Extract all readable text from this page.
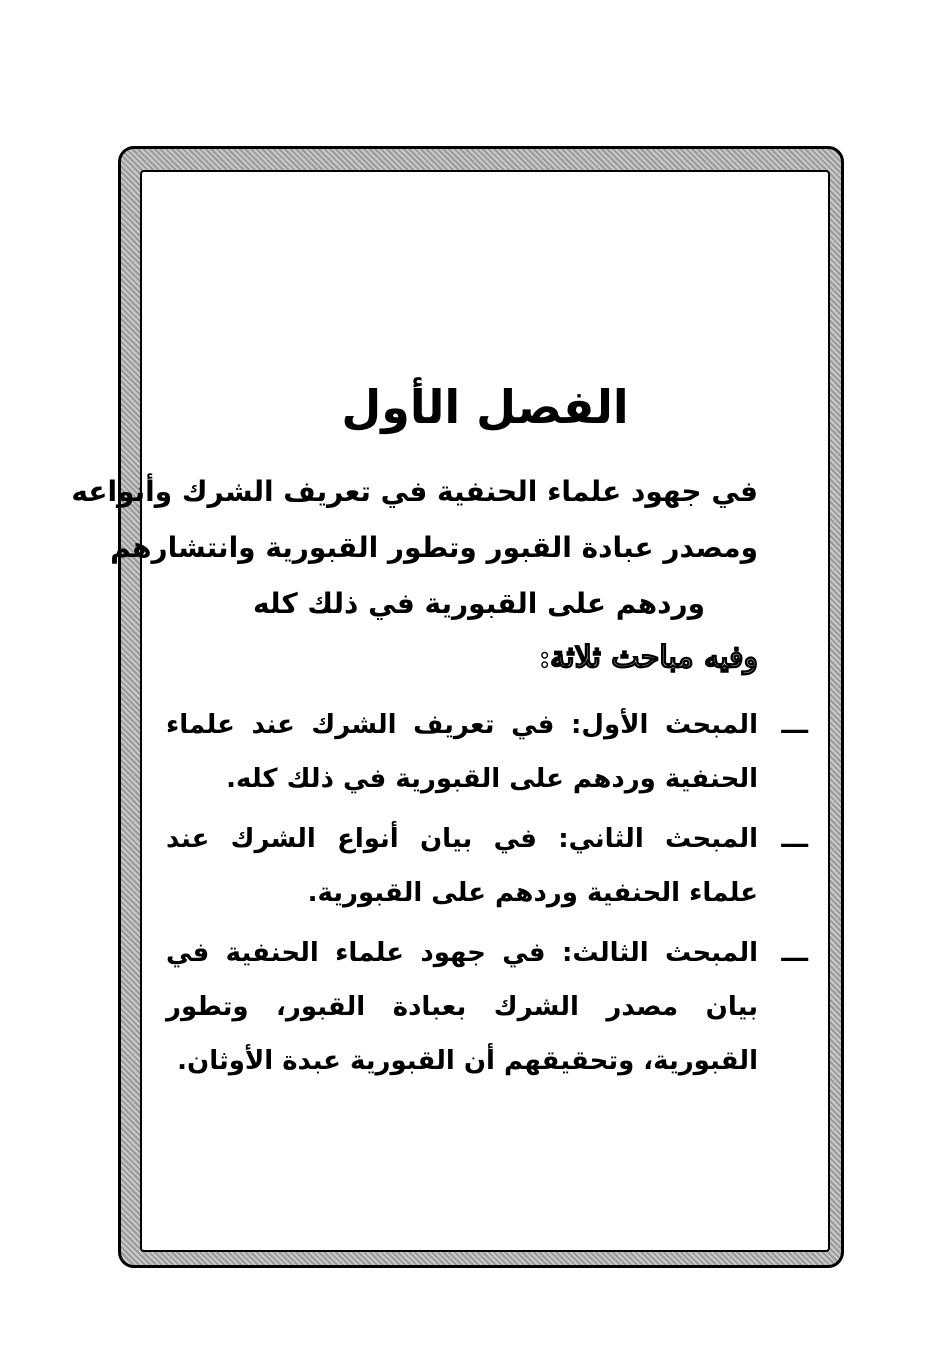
الفصل الأول
في جهود علماء الحنفية في تعريف الشرك وأنواعه
ومصدر عبادة القبور وتطور القبورية وانتشارهم
وردهم على القبورية في ذلك كله
وفيه مباحث ثلاثة:
ـــ
المبحث الأول: في تعريف الشرك عند علماء الحنفية وردهم على القبورية في ذلك كله.
ـــ
المبحث الثاني: في بيان أنواع الشرك عند علماء الحنفية وردهم على القبورية.
ـــ
المبحث الثالث: في جهود علماء الحنفية في بيان مصدر الشرك بعبادة القبور، وتطور القبورية، وتحقيقهم أن القبورية عبدة الأوثان.
